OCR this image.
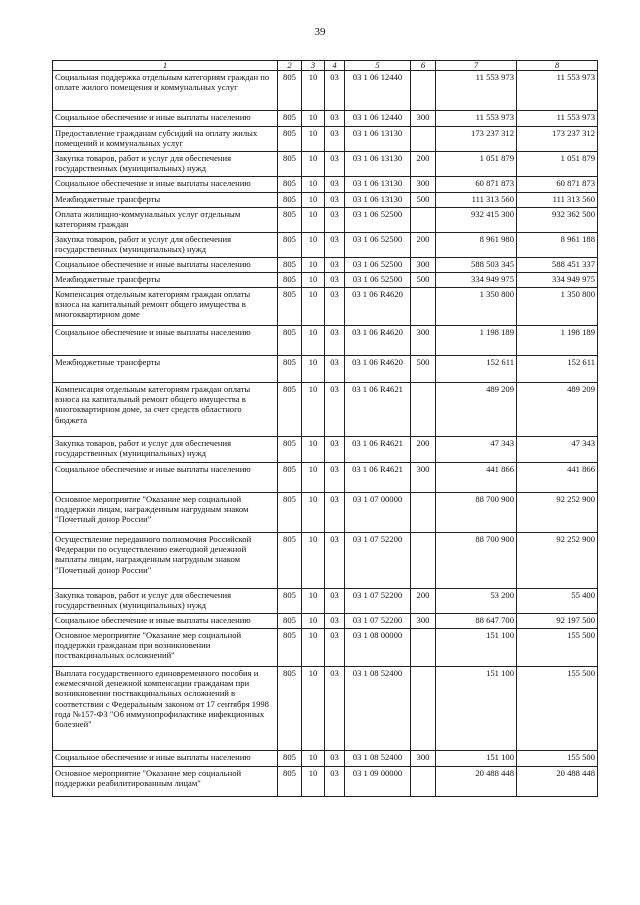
39
1	2	3	4	5	6	7	8
Социальная поддержка отдельным категориям граждан по оплате жилого помещения и коммунальных услуг	805	10	03	03 1 06 12440		11 553 973	11 553 973
Социальное обеспечение и иные выплаты населению	805	10	03	03 1 06 12440	300	11 553 973	11 553 973
Предоставление гражданам субсидий на оплату жилых помещений и коммунальных услуг	805	10	03	03 1 06 13130		173 237 312	173 237 312
Закупка товаров, работ и услуг для обеспечения государственных (муниципальных) нужд	805	10	03	03 1 06 13130	200	1 051 879	1 051 879
Социальное обеспечение и иные выплаты населению	805	10	03	03 1 06 13130	300	60 871 873	60 871 873
Межбюджетные трансферты	805	10	03	03 1 06 13130	500	111 313 560	111 313 560
Оплата жилищно-коммунальных услуг отдельным категориям граждан	805	10	03	03 1 06 52500		932 415 300	932 362 500
Закупка товаров, работ и услуг для обеспечения государственных (муниципальных) нужд	805	10	03	03 1 06 52500	200	8 961 980	8 961 188
Социальное обеспечение и иные выплаты населению	805	10	03	03 1 06 52500	300	588 503 345	588 451 337
Межбюджетные трансферты	805	10	03	03 1 06 52500	500	334 949 975	334 949 975
Компенсация отдельным категориям граждан оплаты взноса на капитальный ремонт общего имущества в многоквартирном доме	805	10	03	03 1 06 R4620		1 350 800	1 350 800
Социальное обеспечение и иные выплаты населению	805	10	03	03 1 06 R4620	300	1 198 189	1 198 189
Межбюджетные трансферты	805	10	03	03 1 06 R4620	500	152 611	152 611
Компенсация отдельным категориям граждан оплаты взноса на капитальный ремонт общего имущества в многоквартирном доме, за счет средств областного бюджета	805	10	03	03 1 06 R4621		489 209	489 209
Закупка товаров, работ и услуг для обеспечения государственных (муниципальных) нужд	805	10	03	03 1 06 R4621	200	47 343	47 343
Социальное обеспечение и иные выплаты населению	805	10	03	03 1 06 R4621	300	441 866	441 866
Основное мероприятие "Оказание мер социальной поддержки лицам, награжденным нагрудным знаком "Почетный донор России"	805	10	03	03 1 07 00000		88 700 900	92 252 900
Осуществление переданного полномочия Российской Федерации по осуществлению ежегодной денежной выплаты лицам, награжденным нагрудным знаком "Почетный донор России"	805	10	03	03 1 07 52200		88 700 900	92 252 900
Закупка товаров, работ и услуг для обеспечения государственных (муниципальных) нужд	805	10	03	03 1 07 52200	200	53 200	55 400
Социальное обеспечение и иные выплаты населению	805	10	03	03 1 07 52200	300	88 647 700	92 197 500
Основное мероприятие "Оказание мер социальной поддержки гражданам при возникновении поствакцинальных осложнений"	805	10	03	03 1 08 00000		151 100	155 500
Выплата государственного единовременного пособия и ежемесячной денежной компенсации гражданам при возникновении поствакцинальных осложнений в соответствии с Федеральным законом от 17 сентября 1998 года №157-ФЗ "Об иммунопрофилактике инфекционных болезней"	805	10	03	03 1 08 52400		151 100	155 500
Социальное обеспечение и иные выплаты населению	805	10	03	03 1 08 52400	300	151 100	155 500
Основное мероприятие "Оказание мер социальной поддержки реабилитированным лицам"	805	10	03	03 1 09 00000		20 488 448	20 488 448
